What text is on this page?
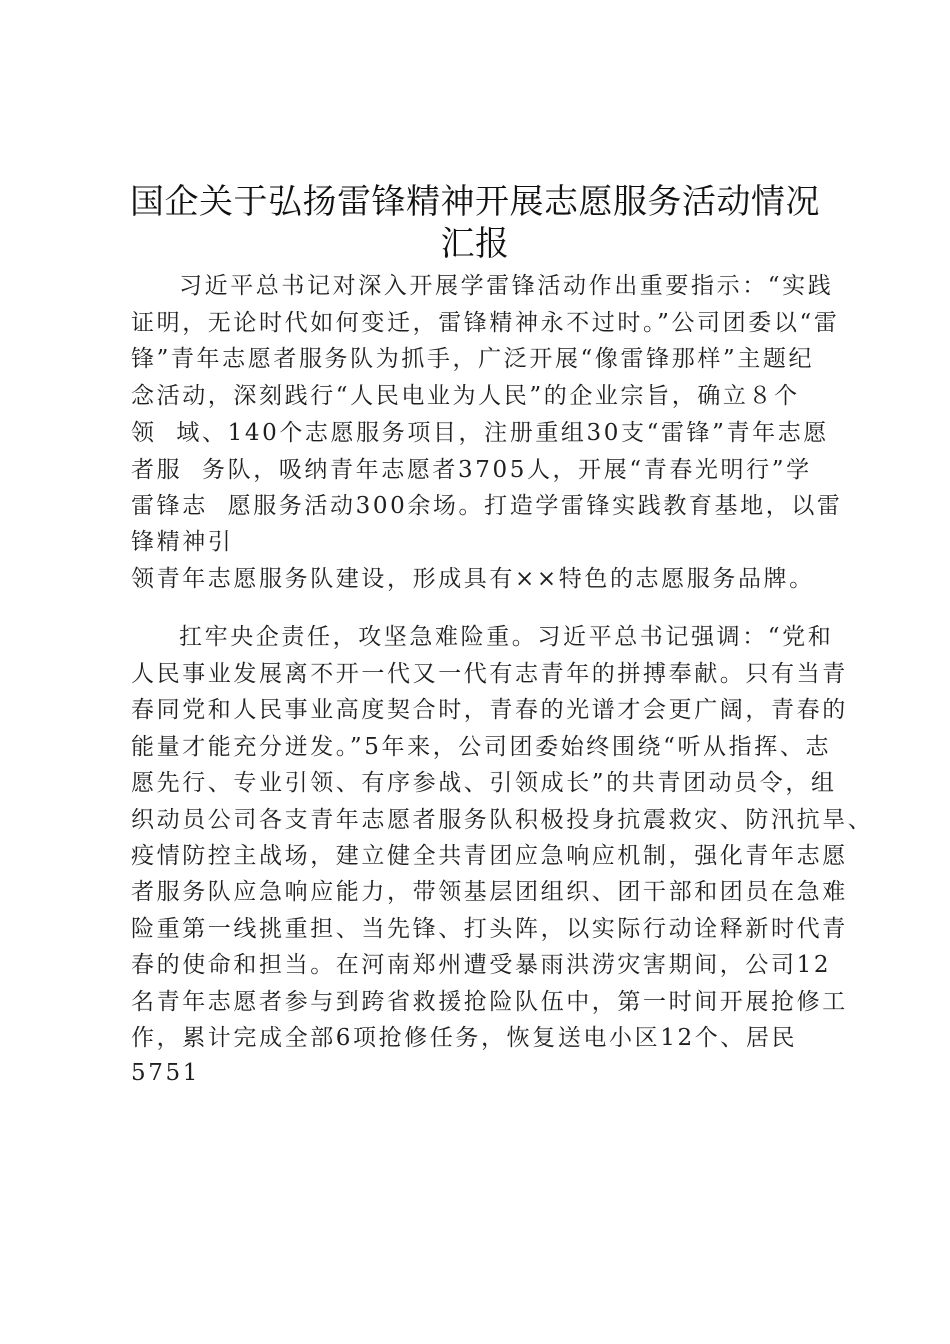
国企关于弘扬雷锋精神开展志愿服务活动情况
汇报
习近平总书记对深入开展学雷锋活动作出重要指示：“实践
证明，无论时代如何变迁，雷锋精神永不过时。”公司团委以“雷
锋”青年志愿者服务队为抓手，广泛开展“像雷锋那样”主题纪
念活动，深刻践行“人民电业为人民”的企业宗旨，确立８个
领  域、140个志愿服务项目，注册重组30支“雷锋”青年志愿
者服  务队，吸纳青年志愿者3705人，开展“青春光明行”学
雷锋志  愿服务活动300余场。打造学雷锋实践教育基地，以雷
锋精神引
领青年志愿服务队建设，形成具有××特色的志愿服务品牌。
扛牢央企责任，攻坚急难险重。习近平总书记强调：“党和
人民事业发展离不开一代又一代有志青年的拼搏奉献。只有当青
春同党和人民事业高度契合时，青春的光谱才会更广阔，青春的
能量才能充分迸发。”5年来，公司团委始终围绕“听从指挥、志
愿先行、专业引领、有序参战、引领成长”的共青团动员令，组
织动员公司各支青年志愿者服务队积极投身抗震救灾、防汛抗旱、
疫情防控主战场，建立健全共青团应急响应机制，强化青年志愿
者服务队应急响应能力，带领基层团组织、团干部和团员在急难
险重第一线挑重担、当先锋、打头阵，以实际行动诠释新时代青
春的使命和担当。在河南郑州遭受暴雨洪涝灾害期间，公司12
名青年志愿者参与到跨省救援抢险队伍中，第一时间开展抢修工
作，累计完成全部6项抢修任务，恢复送电小区12个、居民
5751
